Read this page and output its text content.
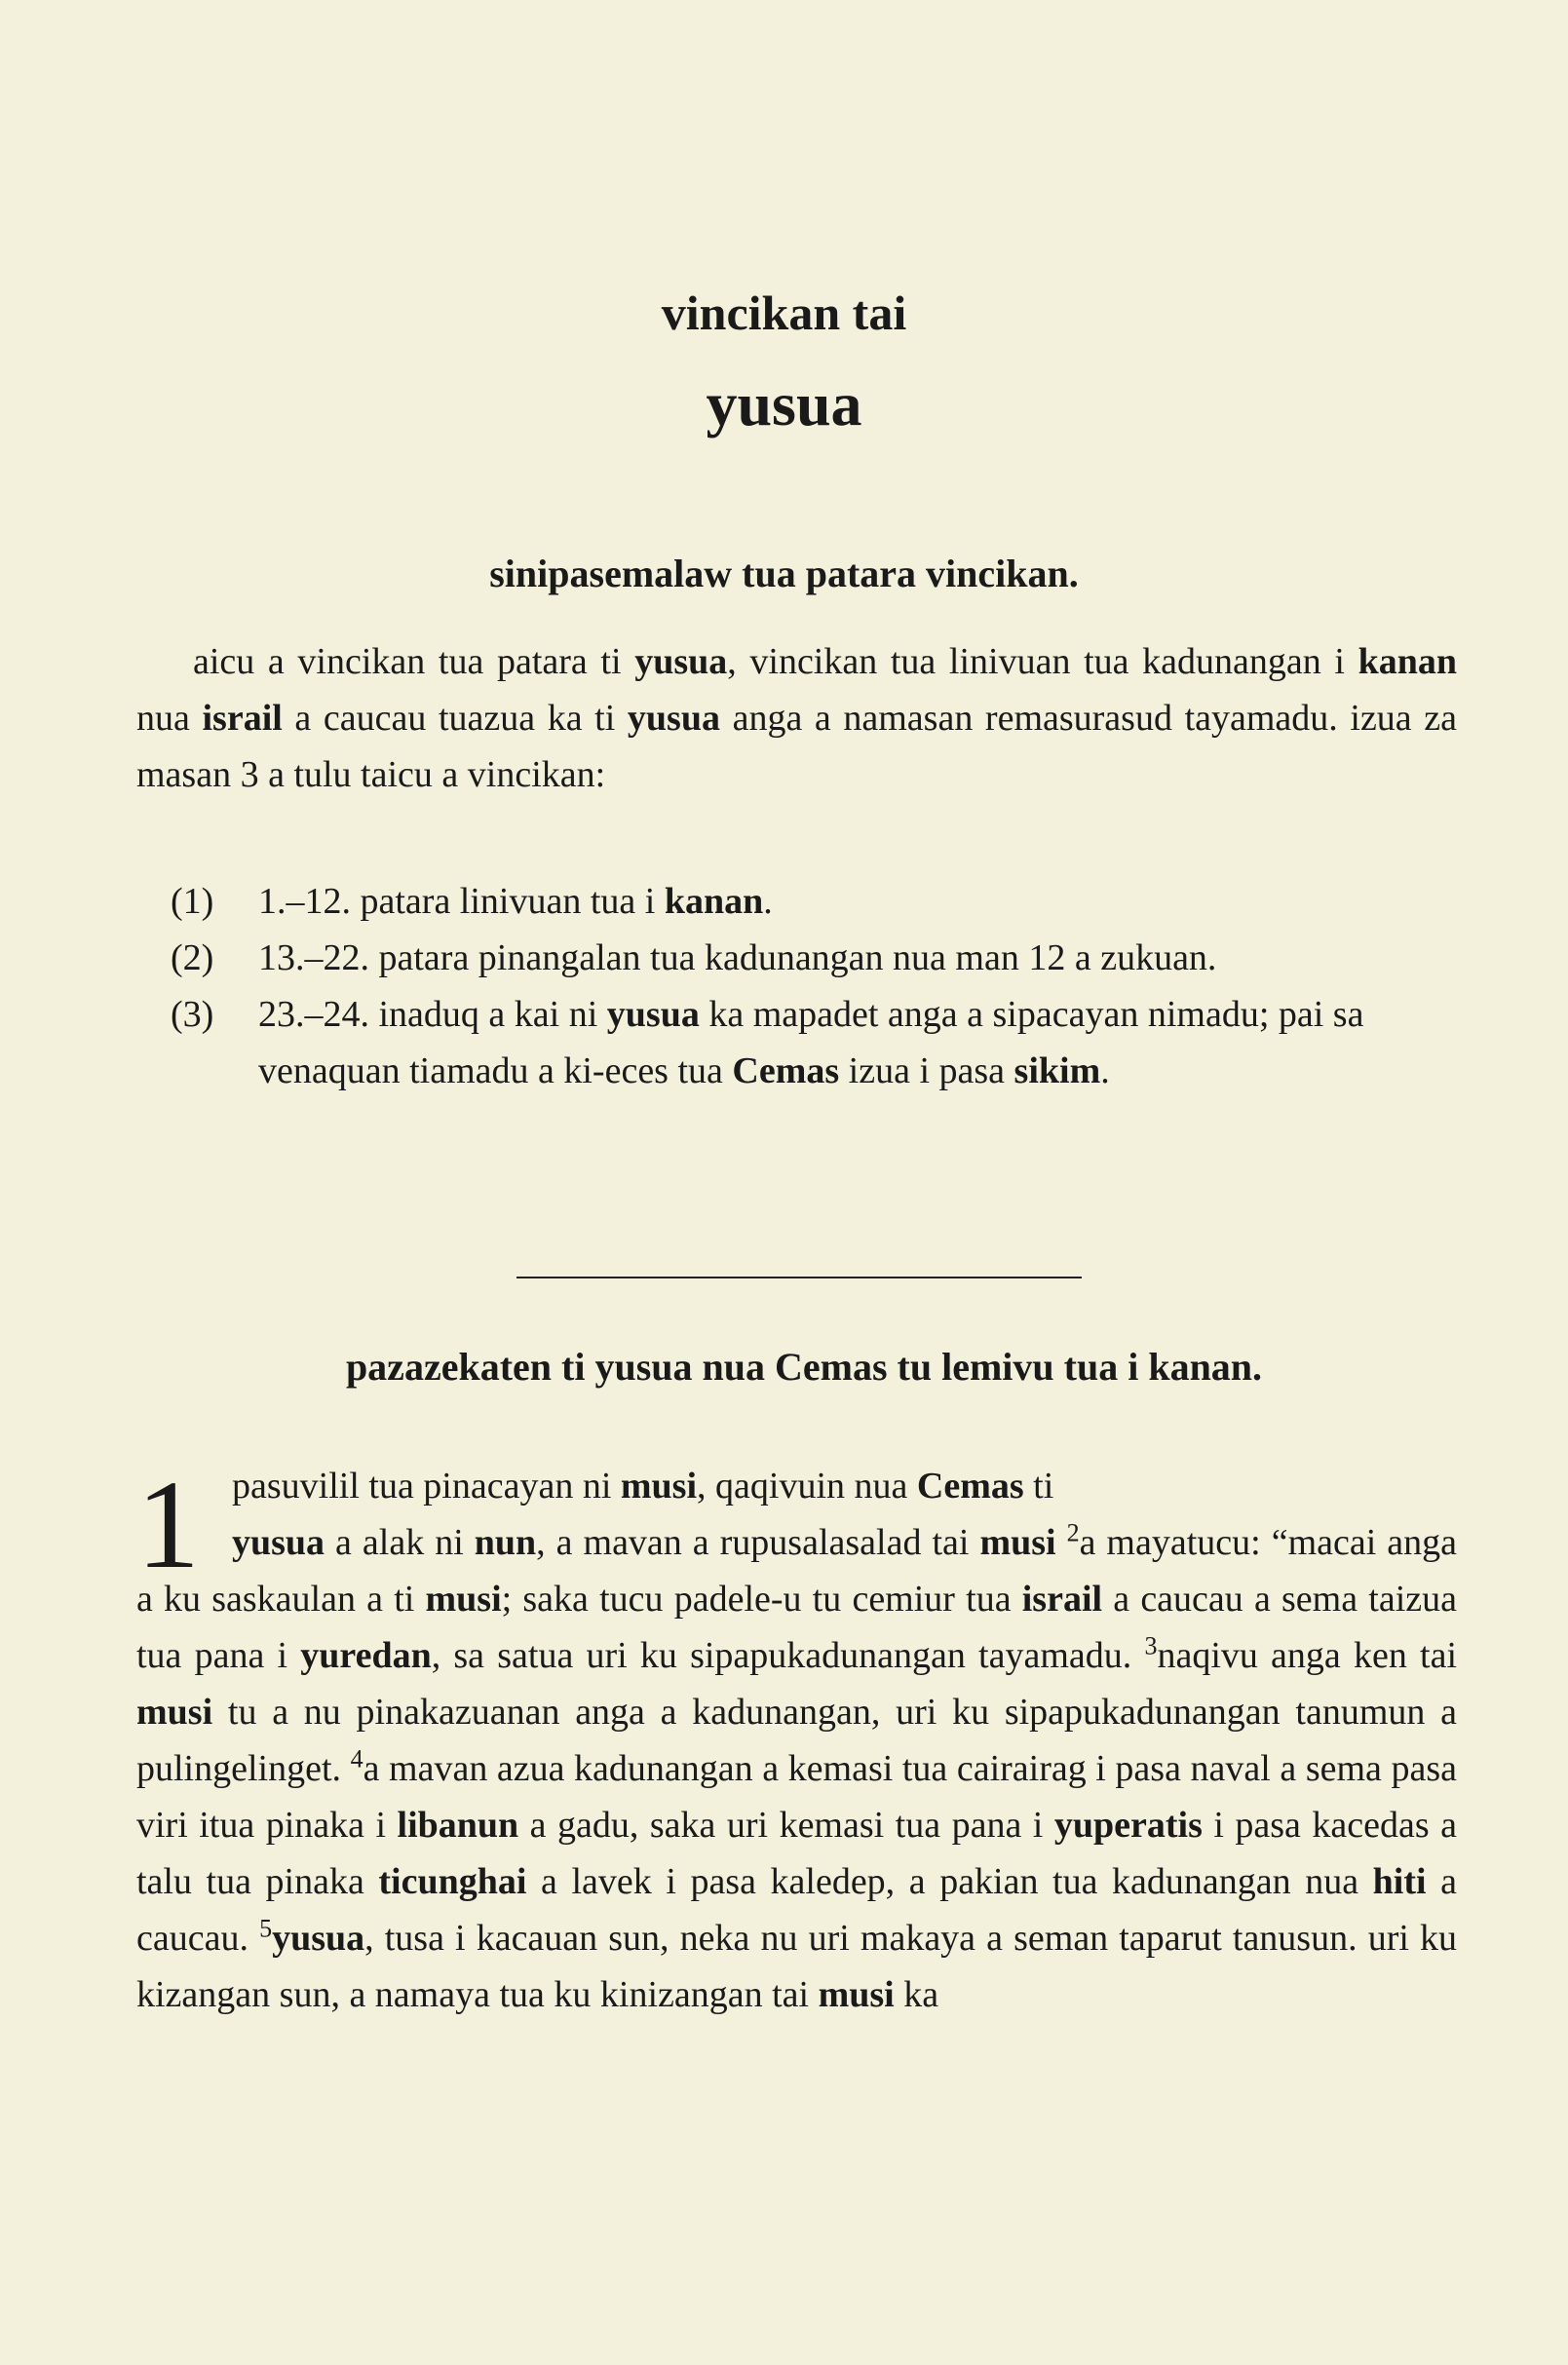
vincikan tai
yusua
sinipasemalaw tua patara vincikan.
aicu a vincikan tua patara ti yusua, vincikan tua linivuan tua kadunangan i kanan nua israil a caucau tuazua ka ti yusua anga a namasan remasurasud tayamadu. izua za masan 3 a tulu taicu a vincikan:
(1) 1.–12. patara linivuan tua i kanan.
(2) 13.–22. patara pinangalan tua kadunangan nua man 12 a zukuan.
(3) 23.–24. inaduq a kai ni yusua ka mapadet anga a sipacayan nimadu; pai sa venaquan tiamadu a ki-eces tua Cemas izua i pasa sikim.
pazazekaten ti yusua nua Cemas tu lemivu tua i kanan.
1 pasuvilil tua pinacayan ni musi, qaqivuin nua Cemas ti
yusua a alak ni nun, a mavan a rupusalasalad tai musi $^2$a mayatucu: “macai anga a ku saskaulan a ti musi; saka tucu padele-u tu cemiur tua israil a caucau a sema taizua tua pana i yuredan, sa satua uri ku sipapukadunangan tayamadu. $^3$naqivu anga ken tai musi tu a nu pinakazuanan anga a kadunangan, uri ku sipapukadunangan tanumun a pulingelinget. $^4$a mavan azua kadunangan a kemasi tua cairairag i pasa naval a sema pasa viri itua pinaka i libanun a gadu, saka uri kemasi tua pana i yuperatis i pasa kacedas a talu tua pinaka ticunghai a lavek i pasa kaledep, a pakian tua kadunangan nua hiti a caucau. $^5$yusua, tusa i kacauan sun, neka nu uri makaya a seman taparut tanusun. uri ku kizangan sun, a namaya tua ku kinizangan tai musi ka
